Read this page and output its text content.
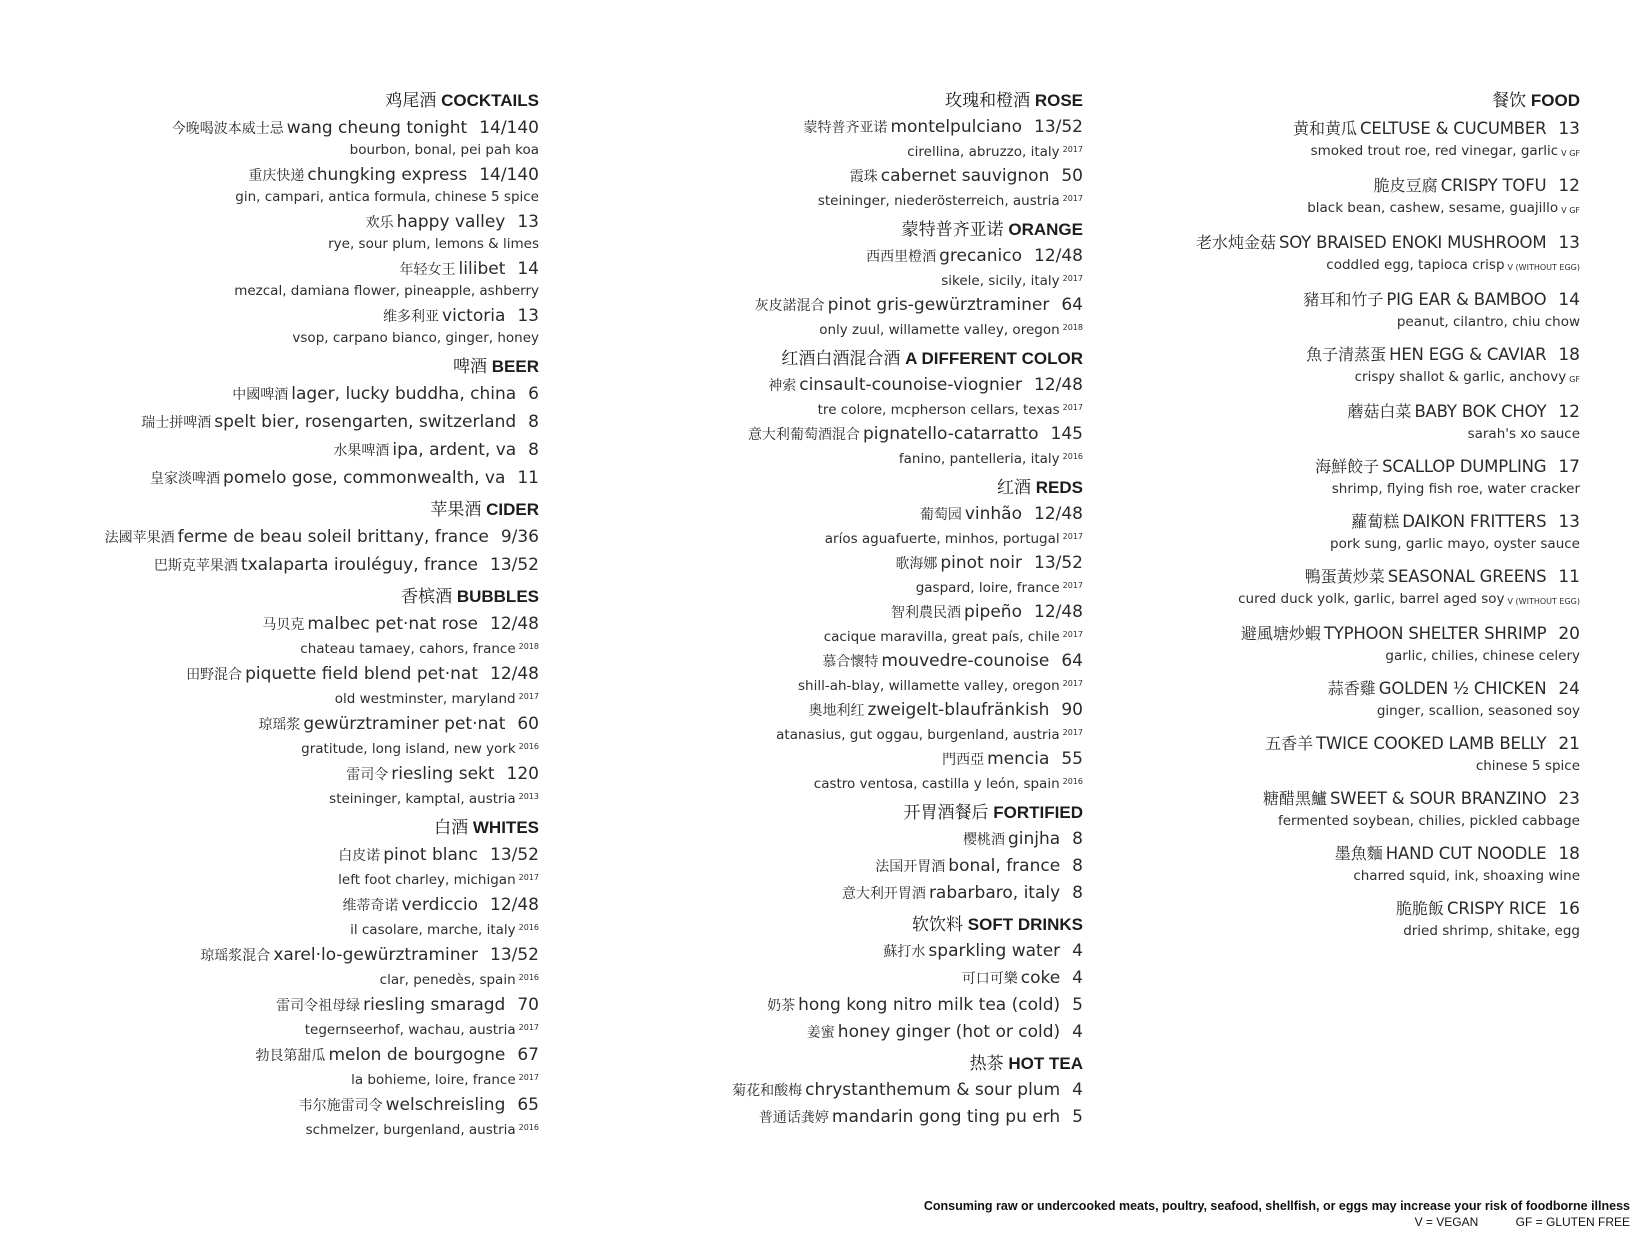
鸡尾酒 COCKTAILS
今晚喝波本威士忌 wang cheung tonight 14/140
bourbon, bonal, pei pah koa
重庆快递 chungking express 14/140
gin, campari, antica formula, chinese 5 spice
欢乐 happy valley 13
rye, sour plum, lemons & limes
年轻女王 lilibet 14
mezcal, damiana flower, pineapple, ashberry
维多利亚 victoria 13
vsop, carpano bianco, ginger, honey
啤酒 BEER
中國啤酒 lager, lucky buddha, china 6
瑞士拼啤酒 spelt bier, rosengarten, switzerland 8
水果啤酒 ipa, ardent, va 8
皇家淡啤酒 pomelo gose, commonwealth, va 11
苹果酒 CIDER
法國苹果酒 ferme de beau soleil brittany, france 9/36
巴斯克苹果酒 txalaparta irouléguy, france 13/52
香槟酒 BUBBLES
马贝克 malbec pet·nat rose 12/48
chateau tamaey, cahors, france $^{2018}$
田野混合 piquette field blend pet·nat 12/48
old westminster, maryland $^{2017}$
琼瑶浆 gewürztraminer pet·nat 60
gratitude, long island, new york $^{2016}$
雷司令 riesling sekt 120
steininger, kamptal, austria $^{2013}$
白酒 WHITES
白皮诺 pinot blanc 13/52
left foot charley, michigan $^{2017}$
维蒂奇诺 verdiccio 12/48
il casolare, marche, italy $^{2016}$
琼瑶浆混合 xarel·lo-gewürztraminer 13/52
clar, penedès, spain $^{2016}$
雷司令祖母绿 riesling smaragd 70
tegernseerhof, wachau, austria $^{2017}$
勃艮第甜瓜 melon de bourgogne 67
la bohieme, loire, france $^{2017}$
韦尔施雷司令 welschreisling 65
schmelzer, burgenland, austria $^{2016}$
玫瑰和橙酒 ROSE
蒙特普齐亚诺 montelpulciano 13/52
cirellina, abruzzo, italy $^{2017}$
霞珠 cabernet sauvignon 50
steininger, niederösterreich, austria $^{2017}$
蒙特普齐亚诺 ORANGE
西西里橙酒 grecanico 12/48
sikele, sicily, italy $^{2017}$
灰皮諾混合 pinot gris-gewürztraminer 64
only zuul, willamette valley, oregon $^{2018}$
红酒白酒混合酒 A DIFFERENT COLOR
神索 cinsault-counoise-viognier 12/48
tre colore, mcpherson cellars, texas $^{2017}$
意大利葡萄酒混合 pignatello-catarratto 145
fanino, pantelleria, italy $^{2016}$
红酒 REDS
葡萄园 vinhão 12/48
aríos aguafuerte, minhos, portugal $^{2017}$
歌海娜 pinot noir 13/52
gaspard, loire, france $^{2017}$
智利農民酒 pipeño 12/48
cacique maravilla, great país, chile $^{2017}$
慕合懷特 mouvedre-counoise 64
shill-ah-blay, willamette valley, oregon $^{2017}$
奧地利红 zweigelt-blaufränkish 90
atanasius, gut oggau, burgenland, austria $^{2017}$
門西亞 mencia 55
castro ventosa, castilla y león, spain $^{2016}$
开胃酒餐后 FORTIFIED
樱桃酒 ginjha 8
法国开胃酒 bonal, france 8
意大利开胃酒 rabarbaro, italy 8
软饮料 SOFT DRINKS
蘇打水 sparkling water 4
可口可樂 coke 4
奶茶 hong kong nitro milk tea (cold) 5
姜蜜 honey ginger (hot or cold) 4
热茶 HOT TEA
菊花和酸梅 chrystanthemum & sour plum 4
普通话龚婷 mandarin gong ting pu erh 5
餐饮 FOOD
黄和黄瓜 CELTUSE & CUCUMBER 13
smoked trout roe, red vinegar, garlic V GF
脆皮豆腐 CRISPY TOFU 12
black bean, cashew, sesame, guajillo V GF
老水炖金菇 SOY BRAISED ENOKI MUSHROOM 13
coddled egg, tapioca crisp V (WITHOUT EGG)
豬耳和竹子 PIG EAR & BAMBOO 14
peanut, cilantro, chiu chow
魚子清蒸蛋 HEN EGG & CAVIAR 18
crispy shallot & garlic, anchovy GF
蘑菇白菜 BABY BOK CHOY 12
sarah's xo sauce
海鮮餃子 SCALLOP DUMPLING 17
shrimp, flying fish roe, water cracker
蘿蔔糕 DAIKON FRITTERS 13
pork sung, garlic mayo, oyster sauce
鴨蛋黃炒菜 SEASONAL GREENS 11
cured duck yolk, garlic, barrel aged soy V (WITHOUT EGG)
避風塘炒蝦 TYPHOON SHELTER SHRIMP 20
garlic, chilies, chinese celery
蒜香雞 GOLDEN ½ CHICKEN 24
ginger, scallion, seasoned soy
五香羊 TWICE COOKED LAMB BELLY 21
chinese 5 spice
糖醋黑鱸 SWEET & SOUR BRANZINO 23
fermented soybean, chilies, pickled cabbage
墨魚麵 HAND CUT NOODLE 18
charred squid, ink, shoaxing wine
脆脆飯 CRISPY RICE 16
dried shrimp, shitake, egg
Consuming raw or undercooked meats, poultry, seafood, shellfish, or eggs may increase your risk of foodborne illness
V = VEGAN	GF = GLUTEN FREE
